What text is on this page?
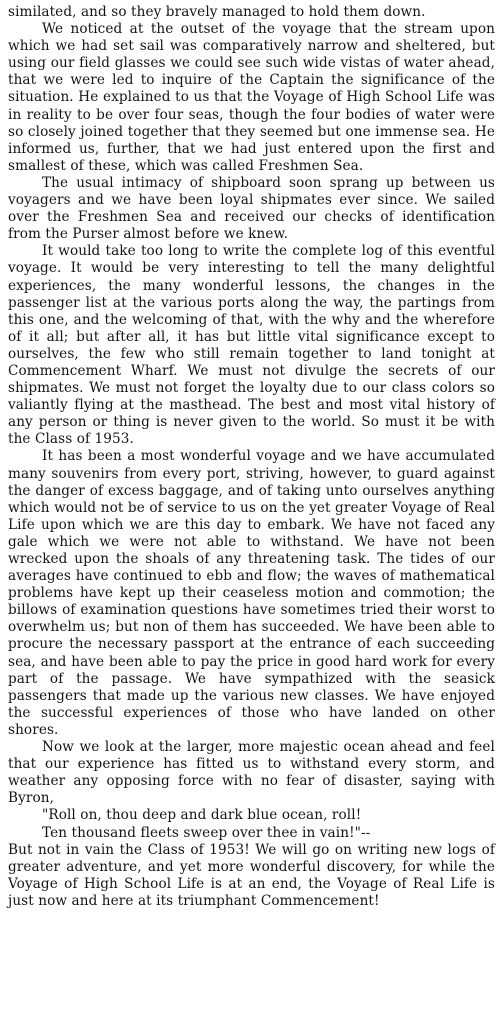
similated, and so they bravely managed to hold them down.

We noticed at the outset of the voyage that the stream upon which we had set sail was comparatively narrow and sheltered, but using our field glasses we could see such wide vistas of water ahead, that we were led to inquire of the Captain the significance of the situation. He explained to us that the Voyage of High School Life was in reality to be over four seas, though the four bodies of water were so closely joined together that they seemed but one immense sea. He informed us, further, that we had just entered upon the first and smallest of these, which was called Freshmen Sea.

The usual intimacy of shipboard soon sprang up between us voyagers and we have been loyal shipmates ever since. We sailed over the Freshmen Sea and received our checks of identification from the Purser almost before we knew.

It would take too long to write the complete log of this eventful voyage. It would be very interesting to tell the many delightful experiences, the many wonderful lessons, the changes in the passenger list at the various ports along the way, the partings from this one, and the welcoming of that, with the why and the wherefore of it all; but after all, it has but little vital significance except to ourselves, the few who still remain together to land tonight at Commencement Wharf. We must not divulge the secrets of our shipmates. We must not forget the loyalty due to our class colors so valiantly flying at the masthead. The best and most vital history of any person or thing is never given to the world. So must it be with the Class of 1953.

It has been a most wonderful voyage and we have accumulated many souvenirs from every port, striving, however, to guard against the danger of excess baggage, and of taking unto ourselves anything which would not be of service to us on the yet greater Voyage of Real Life upon which we are this day to embark. We have not faced any gale which we were not able to withstand. We have not been wrecked upon the shoals of any threatening task. The tides of our averages have continued to ebb and flow; the waves of mathematical problems have kept up their ceaseless motion and commotion; the billows of examination questions have sometimes tried their worst to overwhelm us; but non of them has succeeded. We have been able to procure the necessary passport at the entrance of each succeeding sea, and have been able to pay the price in good hard work for every part of the passage. We have sympathized with the seasick passengers that made up the various new classes. We have enjoyed the successful experiences of those who have landed on other shores.

Now we look at the larger, more majestic ocean ahead and feel that our experience has fitted us to withstand every storm, and weather any opposing force with no fear of disaster, saying with Byron,

"Roll on, thou deep and dark blue ocean, roll!

Ten thousand fleets sweep over thee in vain!"--

But not in vain the Class of 1953! We will go on writing new logs of greater adventure, and yet more wonderful discovery, for while the Voyage of High School Life is at an end, the Voyage of Real Life is just now and here at its triumphant Commencement!
